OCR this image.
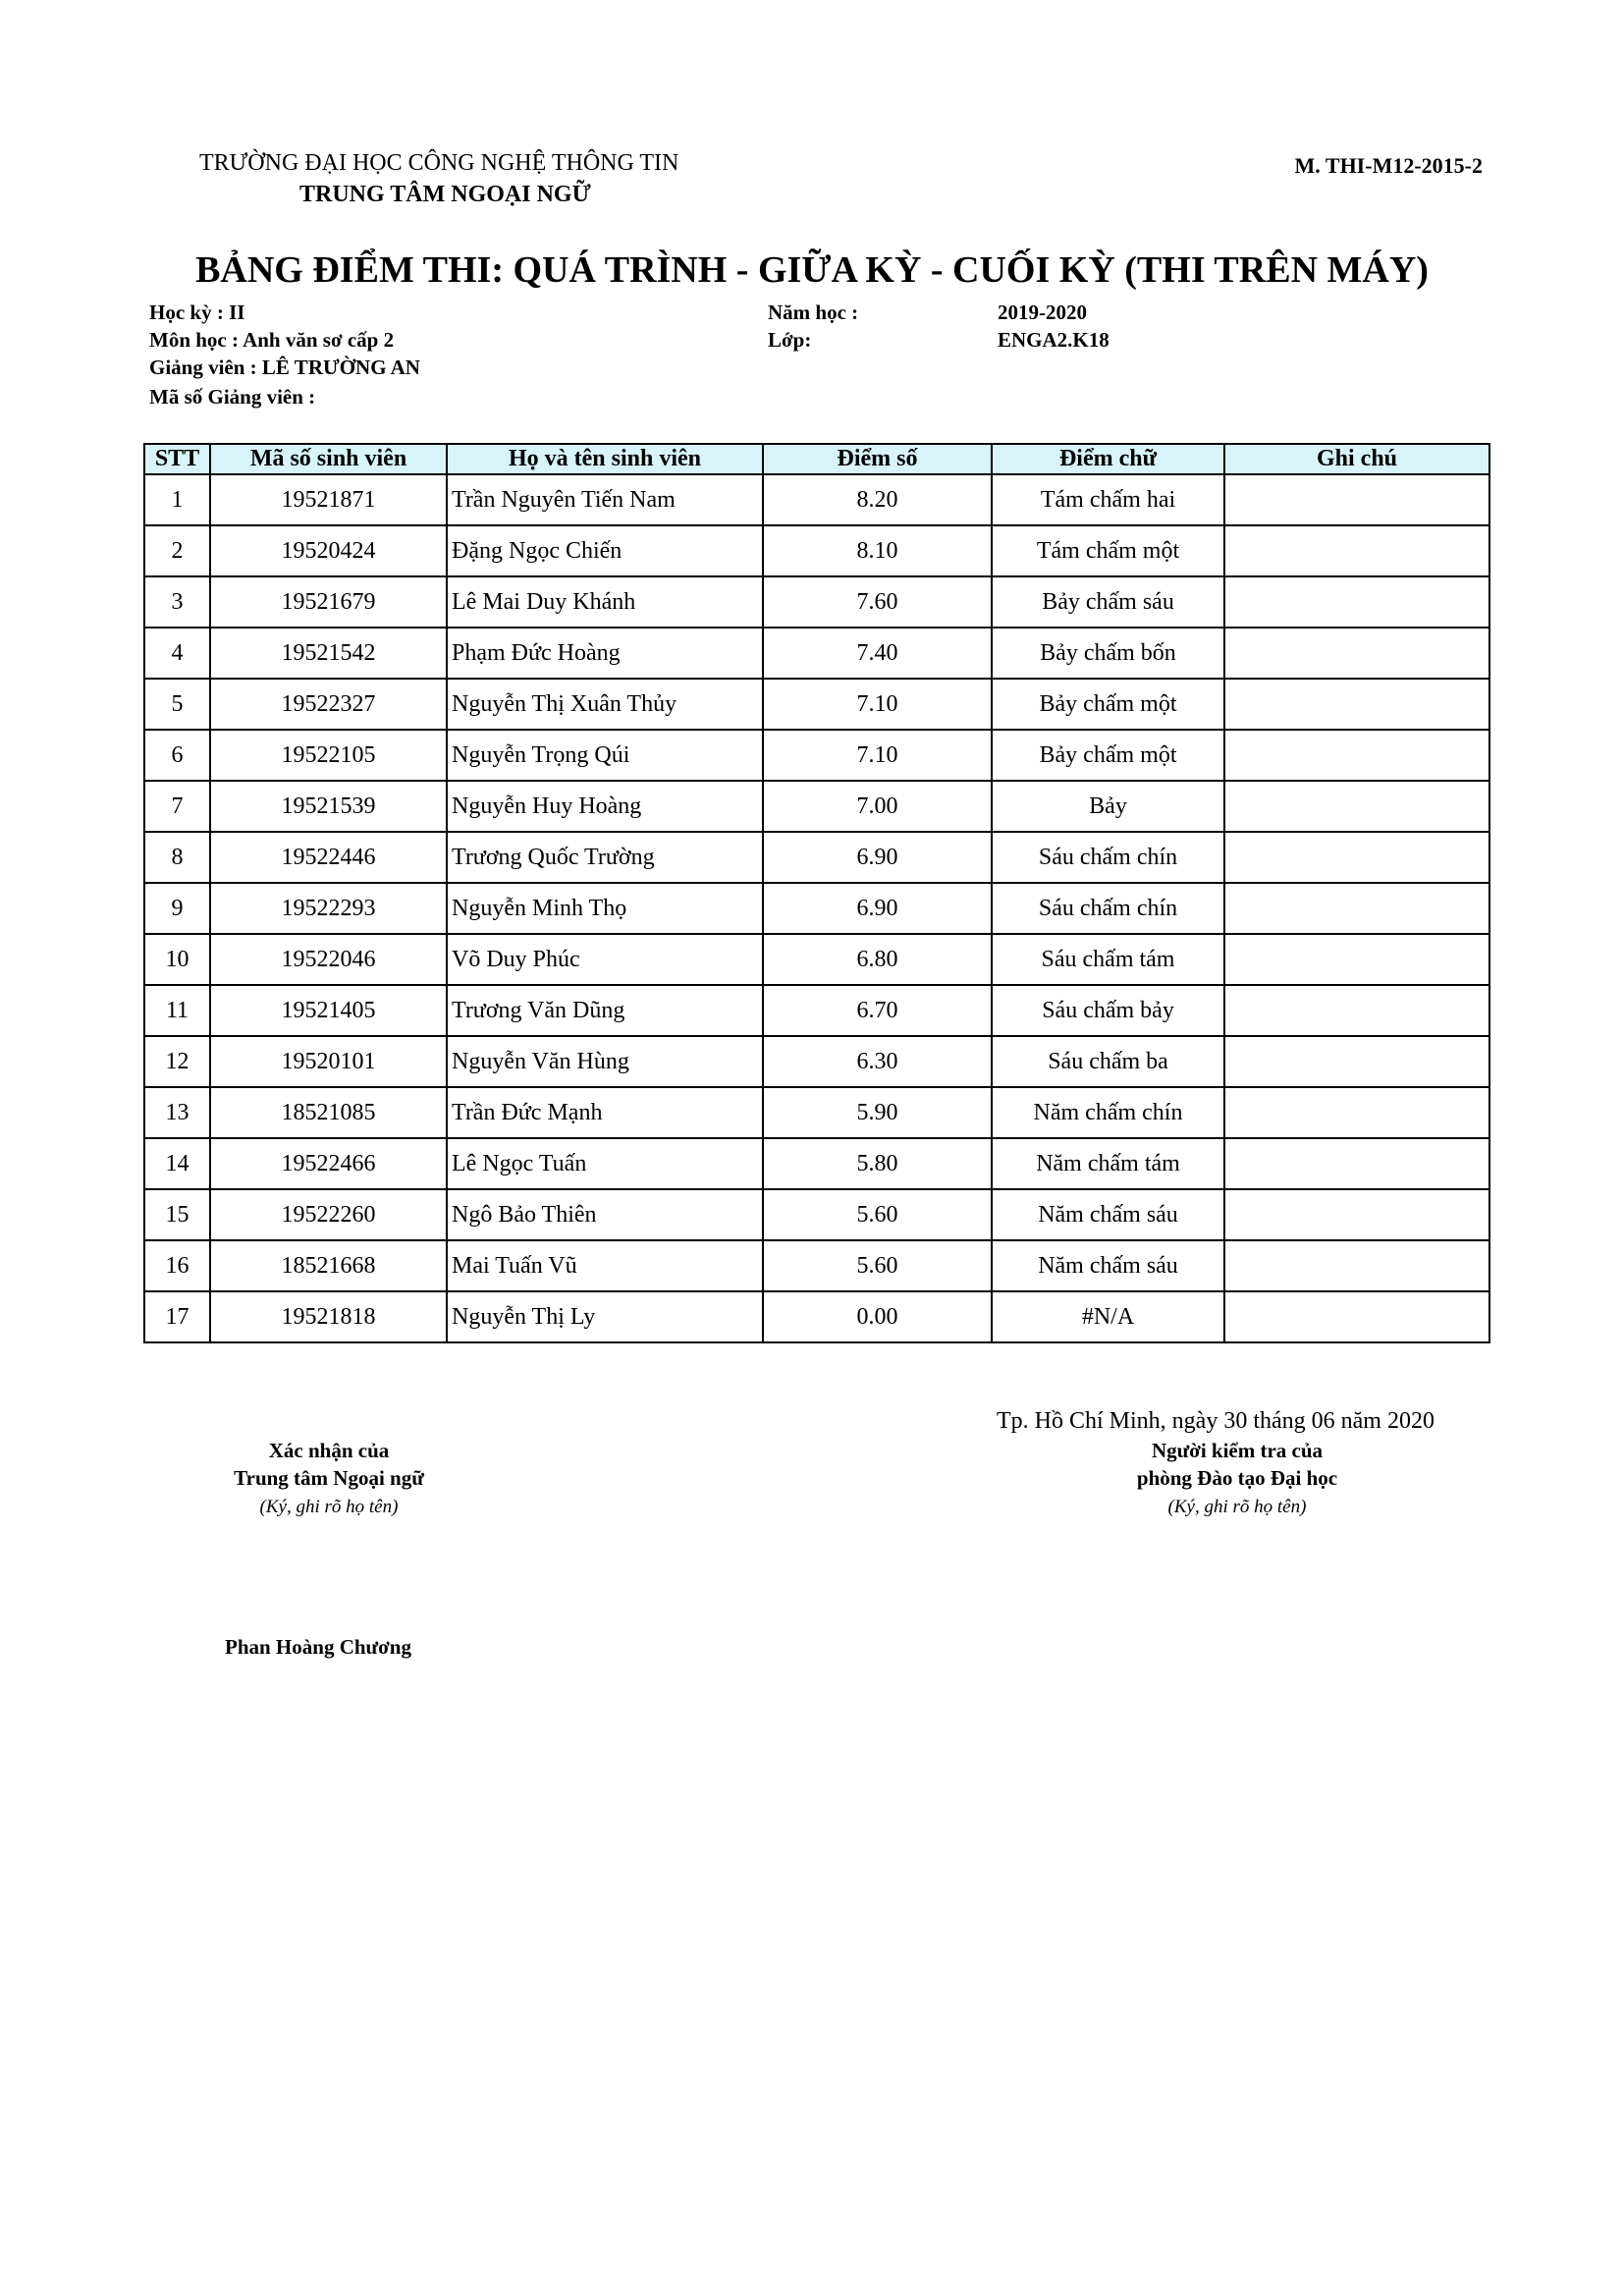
TRƯỜNG ĐẠI HỌC CÔNG NGHỆ THÔNG TIN
TRUNG TÂM NGOẠI NGỮ
M. THI-M12-2015-2
BẢNG ĐIỂM THI: QUÁ TRÌNH - GIỮA KỲ - CUỐI KỲ (THI TRÊN MÁY)
Học kỳ : II
Môn học : Anh văn sơ cấp 2
Giảng viên : LÊ TRƯỜNG AN
Mã số Giảng viên :
Năm học :	2019-2020
Lớp:	ENGA2.K18
STT	Mã số sinh viên	Họ và tên sinh viên	Điểm số	Điểm chữ	Ghi chú
1	19521871	Trần Nguyên Tiến Nam	8.20	Tám chấm hai	
2	19520424	Đặng Ngọc Chiến	8.10	Tám chấm một	
3	19521679	Lê Mai Duy Khánh	7.60	Bảy chấm sáu	
4	19521542	Phạm Đức Hoàng	7.40	Bảy chấm bốn	
5	19522327	Nguyễn Thị Xuân Thủy	7.10	Bảy chấm một	
6	19522105	Nguyễn Trọng Qúi	7.10	Bảy chấm một	
7	19521539	Nguyễn Huy Hoàng	7.00	Bảy	
8	19522446	Trương Quốc Trường	6.90	Sáu chấm chín	
9	19522293	Nguyễn Minh Thọ	6.90	Sáu chấm chín	
10	19522046	Võ Duy Phúc	6.80	Sáu chấm tám	
11	19521405	Trương Văn Dũng	6.70	Sáu chấm bảy	
12	19520101	Nguyễn Văn Hùng	6.30	Sáu chấm ba	
13	18521085	Trần Đức Mạnh	5.90	Năm chấm chín	
14	19522466	Lê Ngọc Tuấn	5.80	Năm chấm tám	
15	19522260	Ngô Bảo Thiên	5.60	Năm chấm sáu	
16	18521668	Mai Tuấn Vũ	5.60	Năm chấm sáu	
17	19521818	Nguyễn Thị Ly	0.00	#N/A	
Tp. Hồ Chí Minh, ngày 30 tháng 06 năm 2020
Xác nhận của
Trung tâm Ngoại ngữ
(Ký, ghi rõ họ tên)
Người kiểm tra của
phòng Đào tạo Đại học
(Ký, ghi rõ họ tên)
Phan Hoàng Chương
